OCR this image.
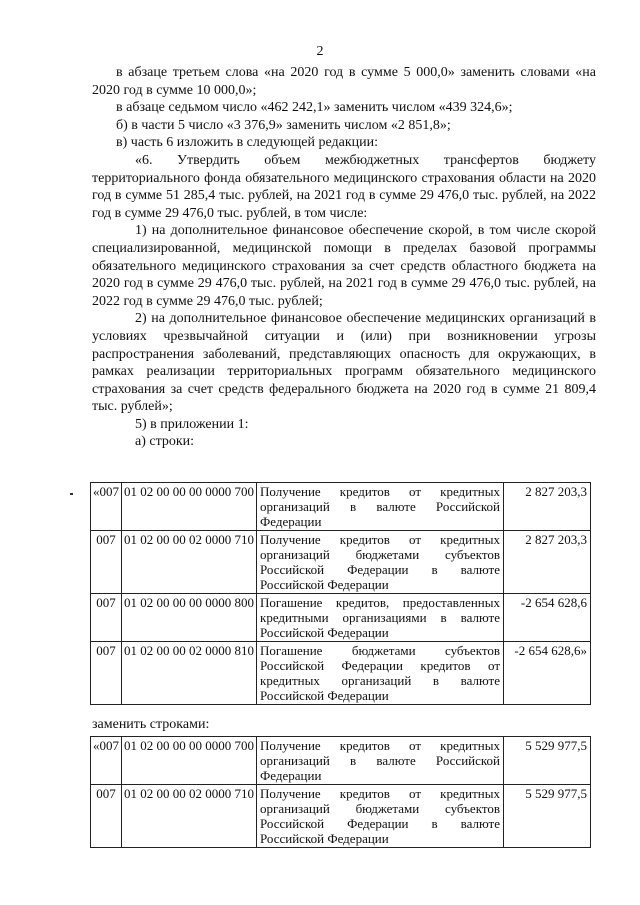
2

в абзаце третьем слова «на 2020 год в сумме 5 000,0» заменить словами «на 2020 год в сумме 10 000,0»;

в абзаце седьмом число «462 242,1» заменить числом «439 324,6»;

б) в части 5 число «3 376,9» заменить числом «2 851,8»;

в) часть 6 изложить в следующей редакции:

«6. Утвердить объем межбюджетных трансфертов бюджету территориального фонда обязательного медицинского страхования области на 2020 год в сумме 51 285,4 тыс. рублей, на 2021 год в сумме 29 476,0 тыс. рублей, на 2022 год в сумме 29 476,0 тыс. рублей, в том числе:

1) на дополнительное финансовое обеспечение скорой, в том числе скорой специализированной, медицинской помощи в пределах базовой программы обязательного медицинского страхования за счет средств областного бюджета на 2020 год в сумме 29 476,0 тыс. рублей, на 2021 год в сумме 29 476,0 тыс. рублей, на 2022 год в сумме 29 476,0 тыс. рублей;

2) на дополнительное финансовое обеспечение медицинских организаций в условиях чрезвычайной ситуации и (или) при возникновении угрозы распространения заболеваний, представляющих опасность для окружающих, в рамках реализации территориальных программ обязательного медицинского страхования за счет средств федерального бюджета на 2020 год в сумме 21 809,4 тыс. рублей»;

5) в приложении 1:

а) строки:

«007	01 02 00 00 00 0000 700	Получение кредитов от кредитных организаций в валюте Российской Федерации	2 827 203,3
007	01 02 00 00 02 0000 710	Получение кредитов от кредитных организаций бюджетами субъектов Российской Федерации в валюте Российской Федерации	2 827 203,3
007	01 02 00 00 00 0000 800	Погашение кредитов, предоставленных кредитными организациями в валюте Российской Федерации	-2 654 628,6
007	01 02 00 00 02 0000 810	Погашение бюджетами субъектов Российской Федерации кредитов от кредитных организаций в валюте Российской Федерации	-2 654 628,6»

заменить строками:

«007	01 02 00 00 00 0000 700	Получение кредитов от кредитных организаций в валюте Российской Федерации	5 529 977,5
007	01 02 00 00 02 0000 710	Получение кредитов от кредитных организаций бюджетами субъектов Российской Федерации в валюте Российской Федерации	5 529 977,5
